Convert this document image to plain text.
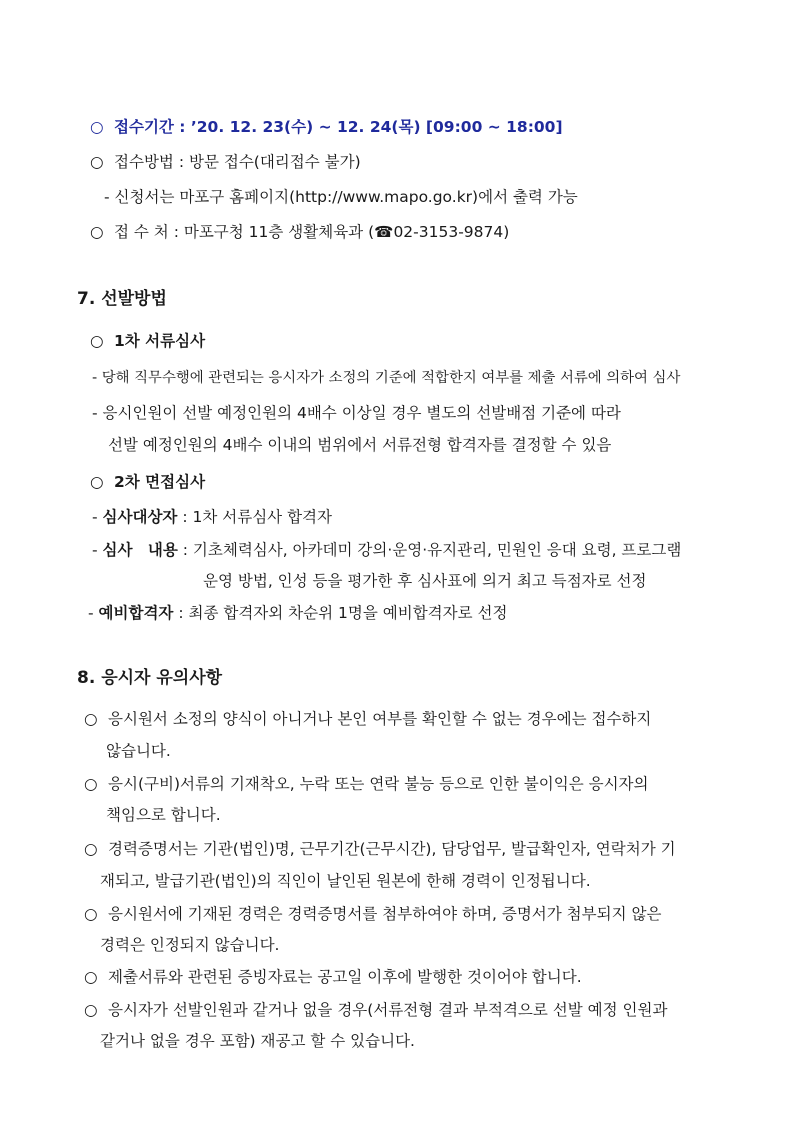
○ 접수기간 : ’20. 12. 23(수) ~ 12. 24(목) [09:00 ~ 18:00]
○ 접수방법 : 방문 접수(대리접수 불가)
- 신청서는 마포구 홈페이지(http://www.mapo.go.kr)에서 출력 가능
○ 접 수 처 : 마포구청 11층 생활체육과 (☎02-3153-9874)
7. 선발방법
○ 1차 서류심사
- 당해 직무수행에 관련되는 응시자가 소정의 기준에 적합한지 여부를 제출 서류에 의하여 심사
- 응시인원이 선발 예정인원의 4배수 이상일 경우 별도의 선발배점 기준에 따라
선발 예정인원의 4배수 이내의 범위에서 서류전형 합격자를 결정할 수 있음
○ 2차 면접심사
- 심사대상자 : 1차 서류심사 합격자
- 심사 내용 : 기초체력심사, 아카데미 강의·운영·유지관리, 민원인 응대 요령, 프로그램
운영 방법, 인성 등을 평가한 후 심사표에 의거 최고 득점자로 선정
- 예비합격자 : 최종 합격자외 차순위 1명을 예비합격자로 선정
8. 응시자 유의사항
○ 응시원서 소정의 양식이 아니거나 본인 여부를 확인할 수 없는 경우에는 접수하지
않습니다.
○ 응시(구비)서류의 기재착오, 누락 또는 연락 불능 등으로 인한 불이익은 응시자의
책임으로 합니다.
○ 경력증명서는 기관(법인)명, 근무기간(근무시간), 담당업무, 발급확인자, 연락처가 기
재되고, 발급기관(법인)의 직인이 날인된 원본에 한해 경력이 인정됩니다.
○ 응시원서에 기재된 경력은 경력증명서를 첨부하여야 하며, 증명서가 첨부되지 않은
경력은 인정되지 않습니다.
○ 제출서류와 관련된 증빙자료는 공고일 이후에 발행한 것이어야 합니다.
○ 응시자가 선발인원과 같거나 없을 경우(서류전형 결과 부적격으로 선발 예정 인원과
같거나 없을 경우 포함) 재공고 할 수 있습니다.
